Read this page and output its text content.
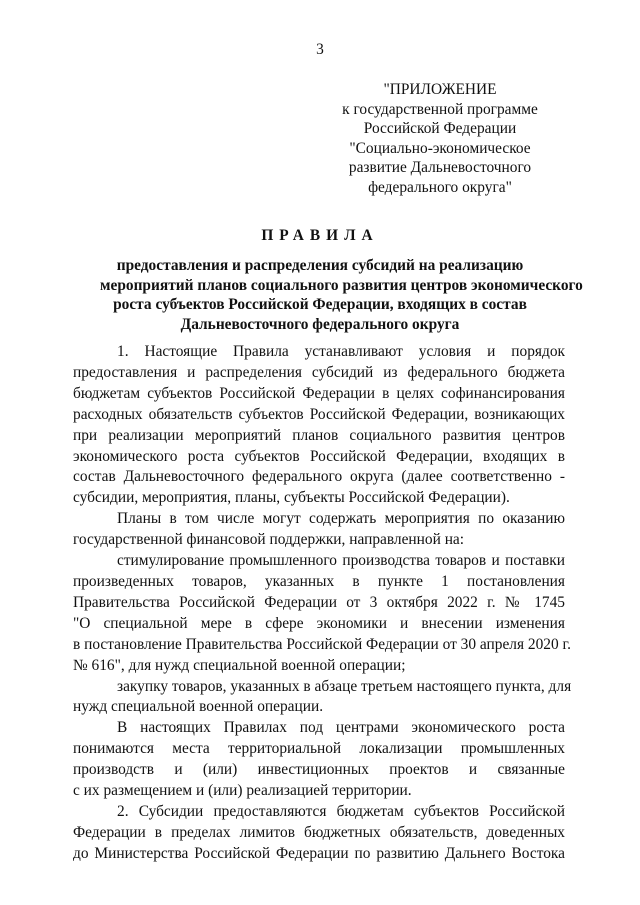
3
"ПРИЛОЖЕНИЕ
к государственной программе
Российской Федерации
"Социально-экономическое
развитие Дальневосточного
федерального округа"
ПРАВИЛА
предоставления и распределения субсидий на реализацию
мероприятий планов социального развития центров экономического
роста субъектов Российской Федерации, входящих в состав
Дальневосточного федерального округа
1. Настоящие Правила устанавливают условия и порядок
предоставления и распределения субсидий из федерального бюджета
бюджетам субъектов Российской Федерации в целях софинансирования
расходных обязательств субъектов Российской Федерации, возникающих
при реализации мероприятий планов социального развития центров
экономического роста субъектов Российской Федерации, входящих в
состав Дальневосточного федерального округа (далее соответственно -
субсидии, мероприятия, планы, субъекты Российской Федерации).
Планы в том числе могут содержать мероприятия по оказанию
государственной финансовой поддержки, направленной на:
стимулирование промышленного производства товаров и поставки
произведенных товаров, указанных в пункте 1 постановления
Правительства Российской Федерации от 3 октября 2022 г. № 1745
"О специальной мере в сфере экономики и внесении изменения
в постановление Правительства Российской Федерации от 30 апреля 2020 г.
№ 616", для нужд специальной военной операции;
закупку товаров, указанных в абзаце третьем настоящего пункта, для
нужд специальной военной операции.
В настоящих Правилах под центрами экономического роста
понимаются места территориальной локализации промышленных
производств и (или) инвестиционных проектов и связанные
с их размещением и (или) реализацией территории.
2. Субсидии предоставляются бюджетам субъектов Российской
Федерации в пределах лимитов бюджетных обязательств, доведенных
до Министерства Российской Федерации по развитию Дальнего Востока
